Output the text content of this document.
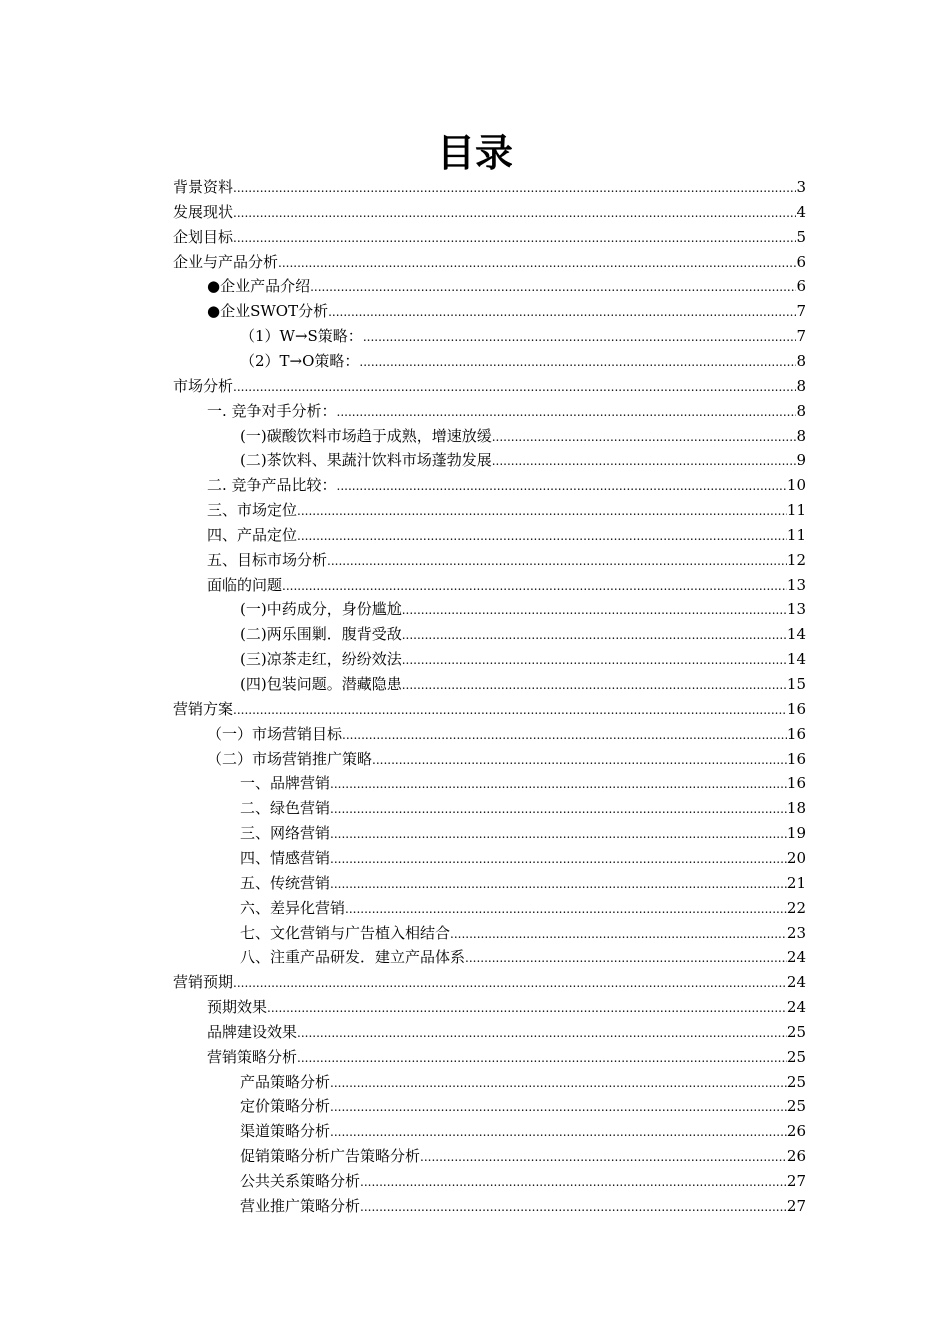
目录
背景资料 .....	3
发展现状 .....	4
企划目标 .....	5
企业与产品分析 .....	6
●企业产品介绍 .....	6
●企业SWOT分析 .....	7
（1）W→S策略： .....	7
（2）T→O策略： .....	8
市场分析 .....	8
一. 竞争对手分析： .....	8
(一)碳酸饮料市场趋于成熟，增速放缓 .....	8
(二)茶饮料、果蔬汁饮料市场蓬勃发展 .....	9
二. 竞争产品比较： .....	10
三、市场定位 .....	11
四、产品定位 .....	11
五、目标市场分析 .....	12
面临的问题 .....	13
(一)中药成分，身份尴尬 .....	13
(二)两乐围剿．腹背受敌 .....	14
(三)凉茶走红，纷纷效法 .....	14
(四)包装问题。潜藏隐患 .....	15
营销方案 .....	16
（一）市场营销目标 .....	16
（二）市场营销推广策略 .....	16
一、品牌营销 .....	16
二、绿色营销 .....	18
三、网络营销 .....	19
四、情感营销 .....	20
五、传统营销 .....	21
六、差异化营销 .....	22
七、文化营销与广告植入相结合 .....	23
八、注重产品研发．建立产品体系 .....	24
营销预期 .....	24
预期效果 .....	24
品牌建设效果 .....	25
营销策略分析 .....	25
产品策略分析 .....	25
定价策略分析 .....	25
渠道策略分析 .....	26
促销策略分析广告策略分析 .....	26
公共关系策略分析 .....	27
营业推广策略分析 .....	27
